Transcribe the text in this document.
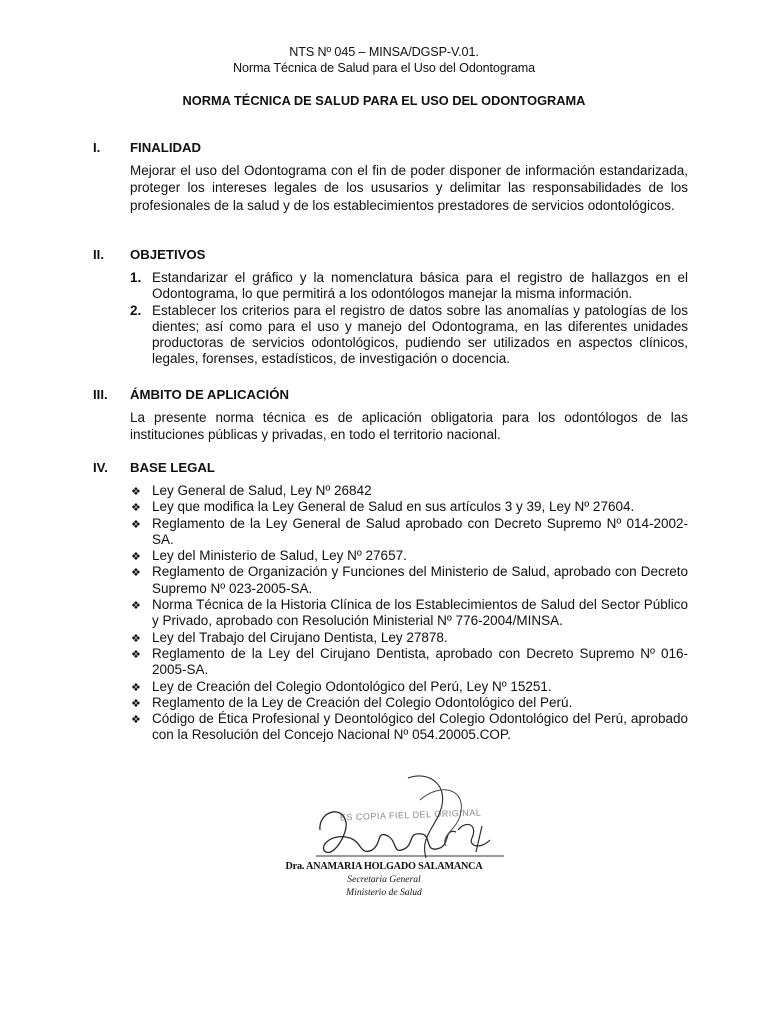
NTS Nº 045 – MINSA/DGSP-V.01.
Norma Técnica de Salud para el Uso del Odontograma
NORMA TÉCNICA DE SALUD PARA EL USO DEL ODONTOGRAMA
I. FINALIDAD
Mejorar el uso del Odontograma con el fin de poder disponer de información estandarizada, proteger los intereses legales de los ususarios y delimitar las responsabilidades de los profesionales de la salud y de los establecimientos prestadores de servicios odontológicos.
II. OBJETIVOS
1. Estandarizar el gráfico y la nomenclatura básica para el registro de hallazgos en el Odontograma, lo que permitirá a los odontólogos manejar la misma información.
2. Establecer los criterios para el registro de datos sobre las anomalías y patologías de los dientes; así como para el uso y manejo del Odontograma, en las diferentes unidades productoras de servicios odontológicos, pudiendo ser utilizados en aspectos clínicos, legales, forenses, estadísticos, de investigación o docencia.
III. ÁMBITO DE APLICACIÓN
La presente norma técnica es de aplicación obligatoria para los odontólogos de las instituciones públicas y privadas, en todo el territorio nacional.
IV. BASE LEGAL
❖ Ley General de Salud, Ley Nº 26842
❖ Ley que modifica la Ley General de Salud en sus artículos 3 y 39, Ley Nº 27604.
❖ Reglamento de la Ley General de Salud aprobado con Decreto Supremo Nº 014-2002-SA.
❖ Ley del Ministerio de Salud, Ley Nº 27657.
❖ Reglamento de Organización y Funciones del Ministerio de Salud, aprobado con Decreto Supremo Nº 023-2005-SA.
❖ Norma Técnica de la Historia Clínica de los Establecimientos de Salud del Sector Público y Privado, aprobado con Resolución Ministerial Nº 776-2004/MINSA.
❖ Ley del Trabajo del Cirujano Dentista, Ley 27878.
❖ Reglamento de la Ley del Cirujano Dentista, aprobado con Decreto Supremo Nº 016-2005-SA.
❖ Ley de Creación del Colegio Odontológico del Perú, Ley Nº 15251.
❖ Reglamento de la Ley de Creación del Colegio Odontológico del Perú.
❖ Código de Ética Profesional y Deontológico del Colegio Odontológico del Perú, aprobado con la Resolución del Concejo Nacional Nº 054.20005.COP.
ES COPIA FIEL DEL ORIGINAL
Dra. ANAMARIA HOLGADO SALAMANCA
Secretaria General
Ministerio de Salud
